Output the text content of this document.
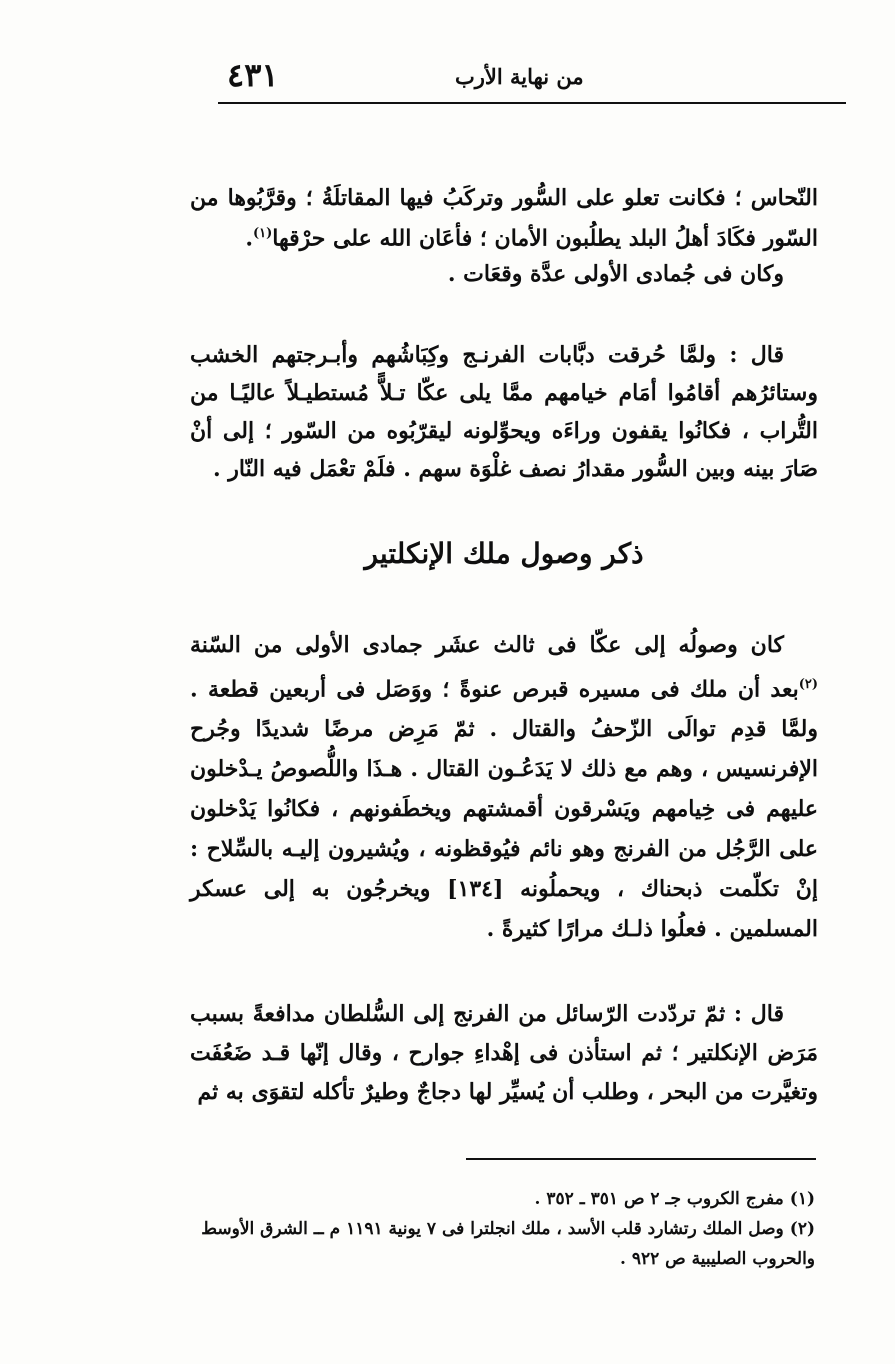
٤٣١	من نهاية الأرب
النّحاس ؛ فكانت تعلو على السُّور وتركَبُ فيها المقاتلَةُ ؛ وقرَّبُوها من السّور فكَادَ أهلُ البلد يطلُبون الأمان ؛ فأعَان الله على حرْقها$^{(١)}$.
وكان فى جُمادى الأولى عدَّة وقعَات .

قال : ولمَّا حُرقت دبَّابات الفرنـج وكِبَاشُهم وأبـرجتهم الخشب وستائرُهم أقامُوا أمَام خيامهم ممَّا يلى عكّا تـلاًّ مُستطيـلاً عاليًـا من التُّراب ، فكانُوا يقفون وراءَه ويحوِّلونه ليقرّبُوه من السّور ؛ إلى أنْ صَارَ بينه وبين السُّور مقدارُ نصف غلْوَة سهم . فلَمْ تعْمَل فيه النّار .

ذكر وصول ملك الإنكلتير

كان وصولُه إلى عكّا فى ثالث عشَر جمادى الأولى من السّنة $^{(٢)}$بعد أن ملك فى مسيره قبرص عنوةً ؛ ووَصَل فى أربعين قطعة . ولمَّا قدِم توالَى الزّحفُ والقتال . ثمّ مَرِض مرضًا شديدًا وجُرح الإفرنسيس ، وهم مع ذلك لا يَدَعُـون القتال . هـذَا واللُّصوصُ يـدْخلون عليهم فى خِيامهم ويَسْرقون أقمشتهم ويخطَفونهم ، فكانُوا يَدْخلون على الرَّجُل من الفرنج وهو نائم فيُوقظونه ، ويُشيرون إليـه بالسِّلاح : إنْ تكلّمت ذبحناك ، ويحملُونه [١٣٤] ويخرجُون به إلى عسكر المسلمين . فعلُوا ذلـك مرارًا كثيرةً .

قال : ثمّ تردّدت الرّسائل من الفرنج إلى السُّلطان مدافعةً بسبب مَرَض الإنكلتير ؛ ثم استأذن فى إهْداءِ جوارح ، وقال إنّها قـد ضَعُفَت وتغيَّرت من البحر ، وطلب أن يُسيِّر لها دجاجٌ وطيرٌ تأكله لتقوَى به ثم

(١)مفرج الكروب جـ ٢ ص ٣٥١ ـ ٣٥٢ .

(٢)وصل الملك رتشارد قلب الأسد ، ملك انجلترا فى ٧ يونية ١١٩١ م ــ الشرق الأوسط والحروب الصليبية ص ٩٢٢ .
